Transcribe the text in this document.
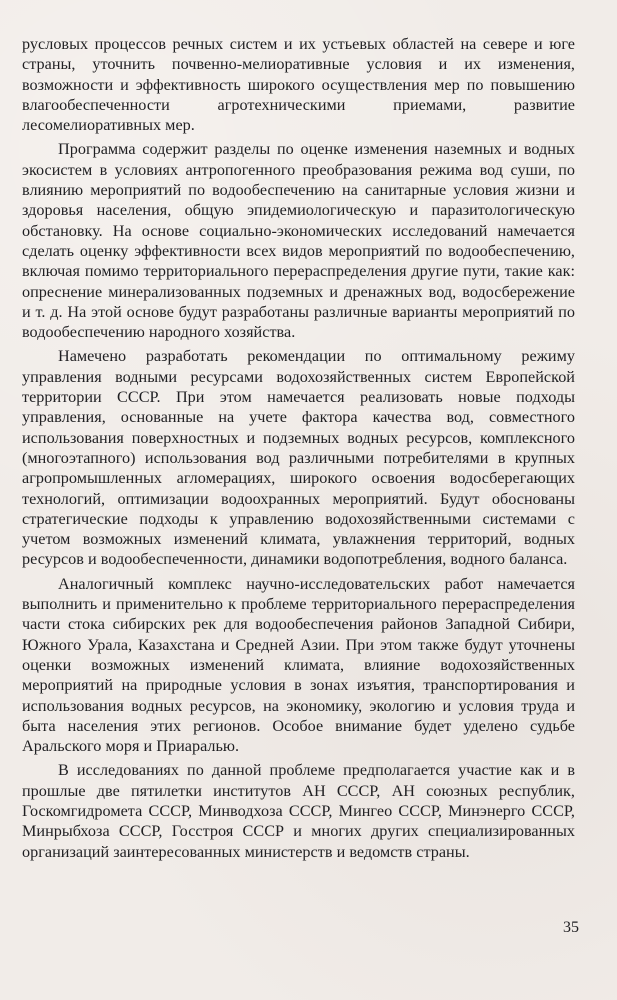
русловых процессов речных систем и их устьевых областей на севере и юге страны, уточнить почвенно-мелиоративные условия и их изменения, возможности и эффективность широкого осуществления мер по повышению влагообеспеченности агротехническими приемами, развитие лесомелиоративных мер.

Программа содержит разделы по оценке изменения наземных и водных экосистем в условиях антропогенного преобразования режима вод суши, по влиянию мероприятий по водообеспечению на санитарные условия жизни и здоровья населения, общую эпидемиологическую и паразитологическую обстановку. На основе социально-экономических исследований намечается сделать оценку эффективности всех видов мероприятий по водообеспечению, включая помимо территориального перераспределения другие пути, такие как: опреснение минерализованных подземных и дренажных вод, водосбережение и т. д. На этой основе будут разработаны различные варианты мероприятий по водообеспечению народного хозяйства.

Намечено разработать рекомендации по оптимальному режиму управления водными ресурсами водохозяйственных систем Европейской территории СССР. При этом намечается реализовать новые подходы управления, основанные на учете фактора качества вод, совместного использования поверхностных и подземных водных ресурсов, комплексного (многоэтапного) использования вод различными потребителями в крупных агропромышленных агломерациях, широкого освоения водосберегающих технологий, оптимизации водоохранных мероприятий. Будут обоснованы стратегические подходы к управлению водохозяйственными системами с учетом возможных изменений климата, увлажнения территорий, водных ресурсов и водообеспеченности, динамики водопотребления, водного баланса.

Аналогичный комплекс научно-исследовательских работ намечается выполнить и применительно к проблеме территориального перераспределения части стока сибирских рек для водообеспечения районов Западной Сибири, Южного Урала, Казахстана и Средней Азии. При этом также будут уточнены оценки возможных изменений климата, влияние водохозяйственных мероприятий на природные условия в зонах изъятия, транспортирования и использования водных ресурсов, на экономику, экологию и условия труда и быта населения этих регионов. Особое внимание будет уделено судьбе Аральского моря и Приаралью.

В исследованиях по данной проблеме предполагается участие как и в прошлые две пятилетки институтов АН СССР, АН союзных республик, Госкомгидромета СССР, Минводхоза СССР, Мингео СССР, Минэнерго СССР, Минрыбхоза СССР, Госстроя СССР и многих других специализированных организаций заинтересованных министерств и ведомств страны.

35
